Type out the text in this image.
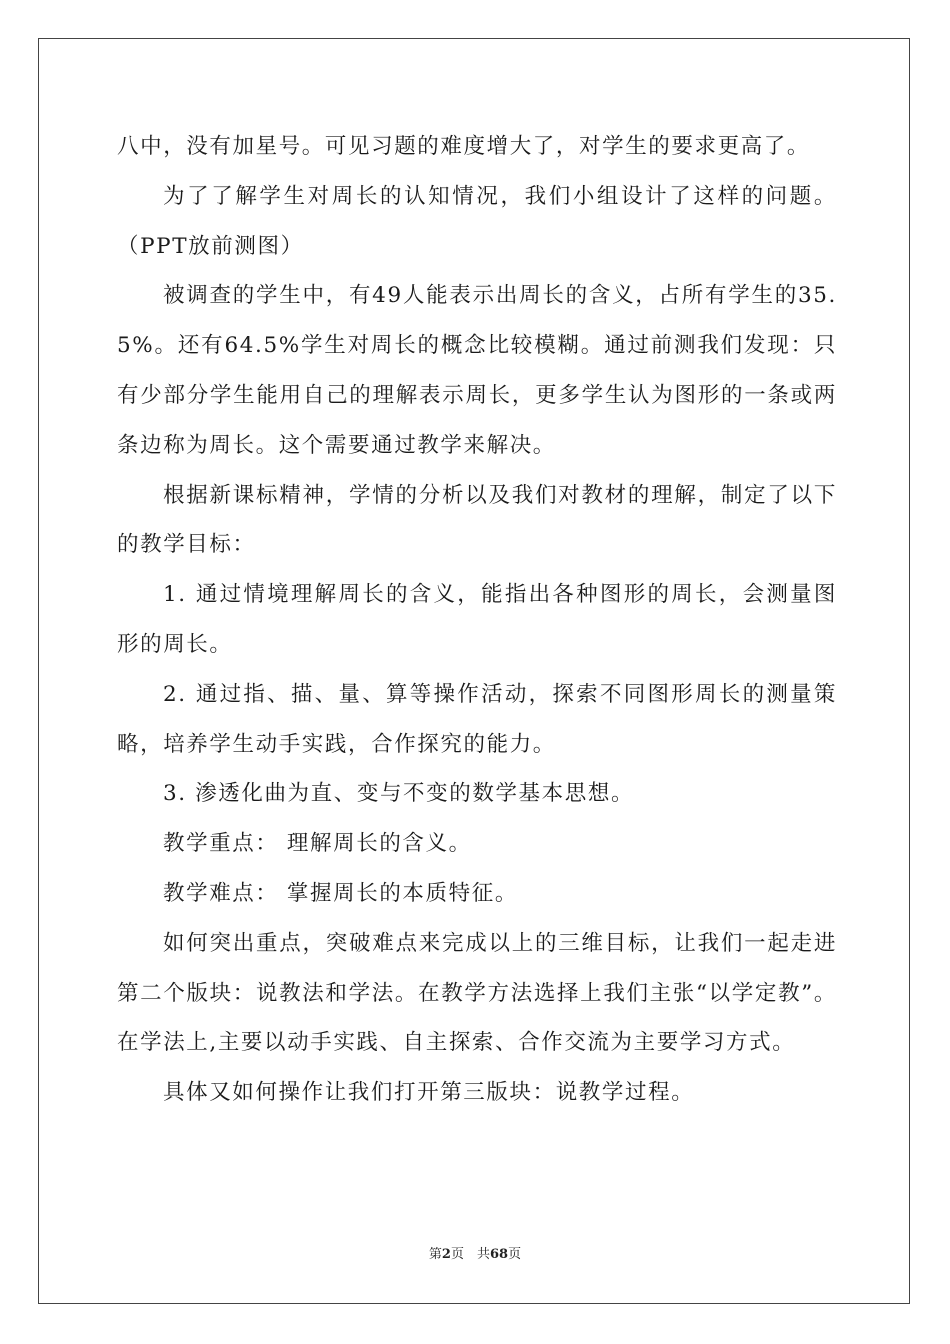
八中，没有加星号。可见习题的难度增大了，对学生的要求更高了。

为了了解学生对周长的认知情况，我们小组设计了这样的问题。（PPT放前测图）

被调查的学生中，有49人能表示出周长的含义，占所有学生的35.5%。还有64.5%学生对周长的概念比较模糊。通过前测我们发现：只有少部分学生能用自己的理解表示周长，更多学生认为图形的一条或两条边称为周长。这个需要通过教学来解决。

根据新课标精神，学情的分析以及我们对教材的理解，制定了以下的教学目标：

1. 通过情境理解周长的含义，能指出各种图形的周长，会测量图形的周长。

2. 通过指、描、量、算等操作活动，探索不同图形周长的测量策略，培养学生动手实践，合作探究的能力。

3. 渗透化曲为直、变与不变的数学基本思想。

教学重点： 理解周长的含义。

教学难点： 掌握周长的本质特征。

如何突出重点，突破难点来完成以上的三维目标，让我们一起走进第二个版块：说教法和学法。在教学方法选择上我们主张“以学定教”。在学法上,主要以动手实践、自主探索、合作交流为主要学习方式。

具体又如何操作让我们打开第三版块：说教学过程。

第2页　共68页
